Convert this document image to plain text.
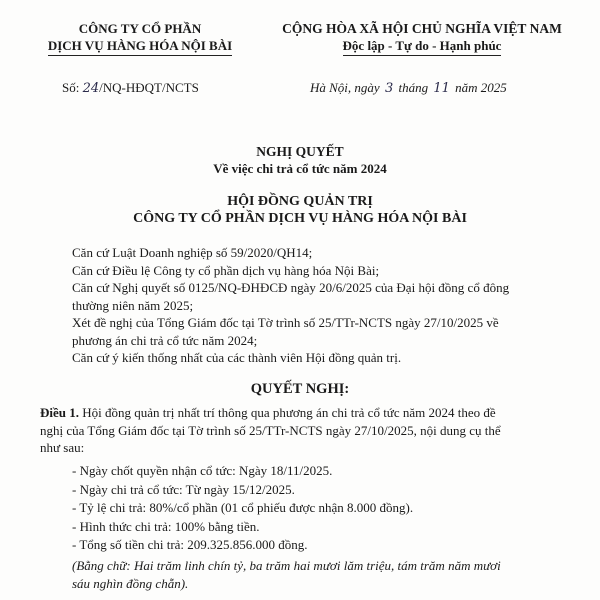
CÔNG TY CỔ PHẦN
DỊCH VỤ HÀNG HÓA NỘI BÀI
CỘNG HÒA XÃ HỘI CHỦ NGHĨA VIỆT NAM
Độc lập - Tự do - Hạnh phúc
Số: 24/NQ-HĐQT/NCTS	Hà Nội, ngày 3 tháng 11 năm 2025
NGHỊ QUYẾT
Về việc chi trả cổ tức năm 2024
HỘI ĐỒNG QUẢN TRỊ
CÔNG TY CỔ PHẦN DỊCH VỤ HÀNG HÓA NỘI BÀI

Căn cứ Luật Doanh nghiệp số 59/2020/QH14;

Căn cứ Điều lệ Công ty cổ phần dịch vụ hàng hóa Nội Bài;

Căn cứ Nghị quyết số 0125/NQ-ĐHĐCĐ ngày 20/6/2025 của Đại hội đồng cổ đông

thường niên năm 2025;

Xét đề nghị của Tổng Giám đốc tại Tờ trình số 25/TTr-NCTS ngày 27/10/2025 về

phương án chi trả cổ tức năm 2024;

Căn cứ ý kiến thống nhất của các thành viên Hội đồng quản trị.

QUYẾT NGHỊ:

Điều 1. Hội đồng quản trị nhất trí thông qua phương án chi trả cổ tức năm 2024 theo đề

nghị của Tổng Giám đốc tại Tờ trình số 25/TTr-NCTS ngày 27/10/2025, nội dung cụ thể

như sau:

- Ngày chốt quyền nhận cổ tức: Ngày 18/11/2025.

- Ngày chi trả cổ tức: Từ ngày 15/12/2025.

- Tỷ lệ chi trả: 80%/cổ phần (01 cổ phiếu được nhận 8.000 đồng).

- Hình thức chi trả: 100% bằng tiền.

- Tổng số tiền chi trả: 209.325.856.000 đồng.

(Bằng chữ: Hai trăm linh chín tỷ, ba trăm hai mươi lăm triệu, tám trăm năm mươi
sáu nghìn đồng chẵn).
